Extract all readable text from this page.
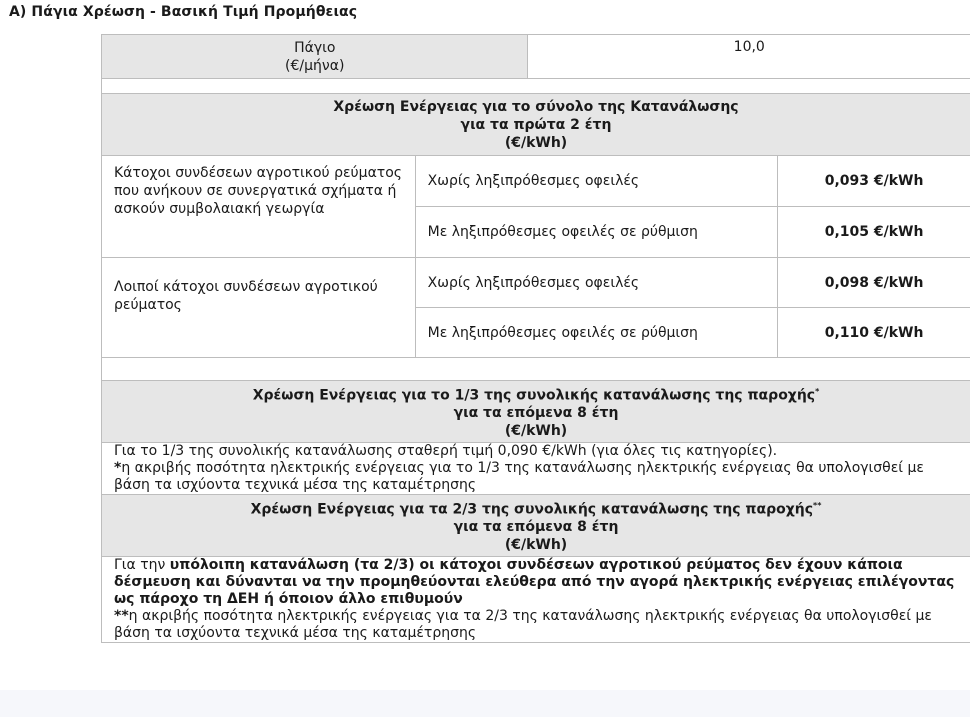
Α) Πάγια Χρέωση - Βασική Τιμή Προμήθειας
Πάγιο
(€/μήνα)		10,0	

Χρέωση Ενέργειας για το σύνολο της Κατανάλωσης
για τα πρώτα 2 έτη
(€/kWh)			

Κάτοχοι συνδέσεων αγροτικού ρεύματος που ανήκουν σε συνεργατικά σχήματα ή ασκούν συμβολαιακή γεωργία	Χωρίς ληξιπρόθεσμες οφειλές		0,093 €/kWh
	Με ληξιπρόθεσμες οφειλές σε ρύθμιση		0,105 €/kWh
Λοιποί κάτοχοι συνδέσεων αγροτικού ρεύματος	Χωρίς ληξιπρόθεσμες οφειλές		0,098 €/kWh
	Με ληξιπρόθεσμες οφειλές σε ρύθμιση		0,110 €/kWh

Χρέωση Ενέργειας για το 1/3 της συνολικής κατανάλωσης της παροχής*
για τα επόμενα 8 έτη
(€/kWh)			

Για το 1/3 της συνολικής κατανάλωσης σταθερή τιμή 0,090 €/kWh (για όλες τις κατηγορίες).
*η ακριβής ποσότητα ηλεκτρικής ενέργειας για το 1/3 της κατανάλωσης ηλεκτρικής ενέργειας θα υπολογισθεί με βάση τα ισχύοντα τεχνικά μέσα της καταμέτρησης			

Χρέωση Ενέργειας για τα 2/3 της συνολικής κατανάλωσης της παροχής**
για τα επόμενα 8 έτη
(€/kWh)			

Για την υπόλοιπη κατανάλωση (τα 2/3) οι κάτοχοι συνδέσεων αγροτικού ρεύματος δεν έχουν κάποια δέσμευση και δύνανται να την προμηθεύονται ελεύθερα από την αγορά ηλεκτρικής ενέργειας επιλέγοντας ως πάροχο τη ΔΕΗ ή όποιον άλλο επιθυμούν
**η ακριβής ποσότητα ηλεκτρικής ενέργειας για τα 2/3 της κατανάλωσης ηλεκτρικής ενέργειας θα υπολογισθεί με βάση τα ισχύοντα τεχνικά μέσα της καταμέτρησης			
